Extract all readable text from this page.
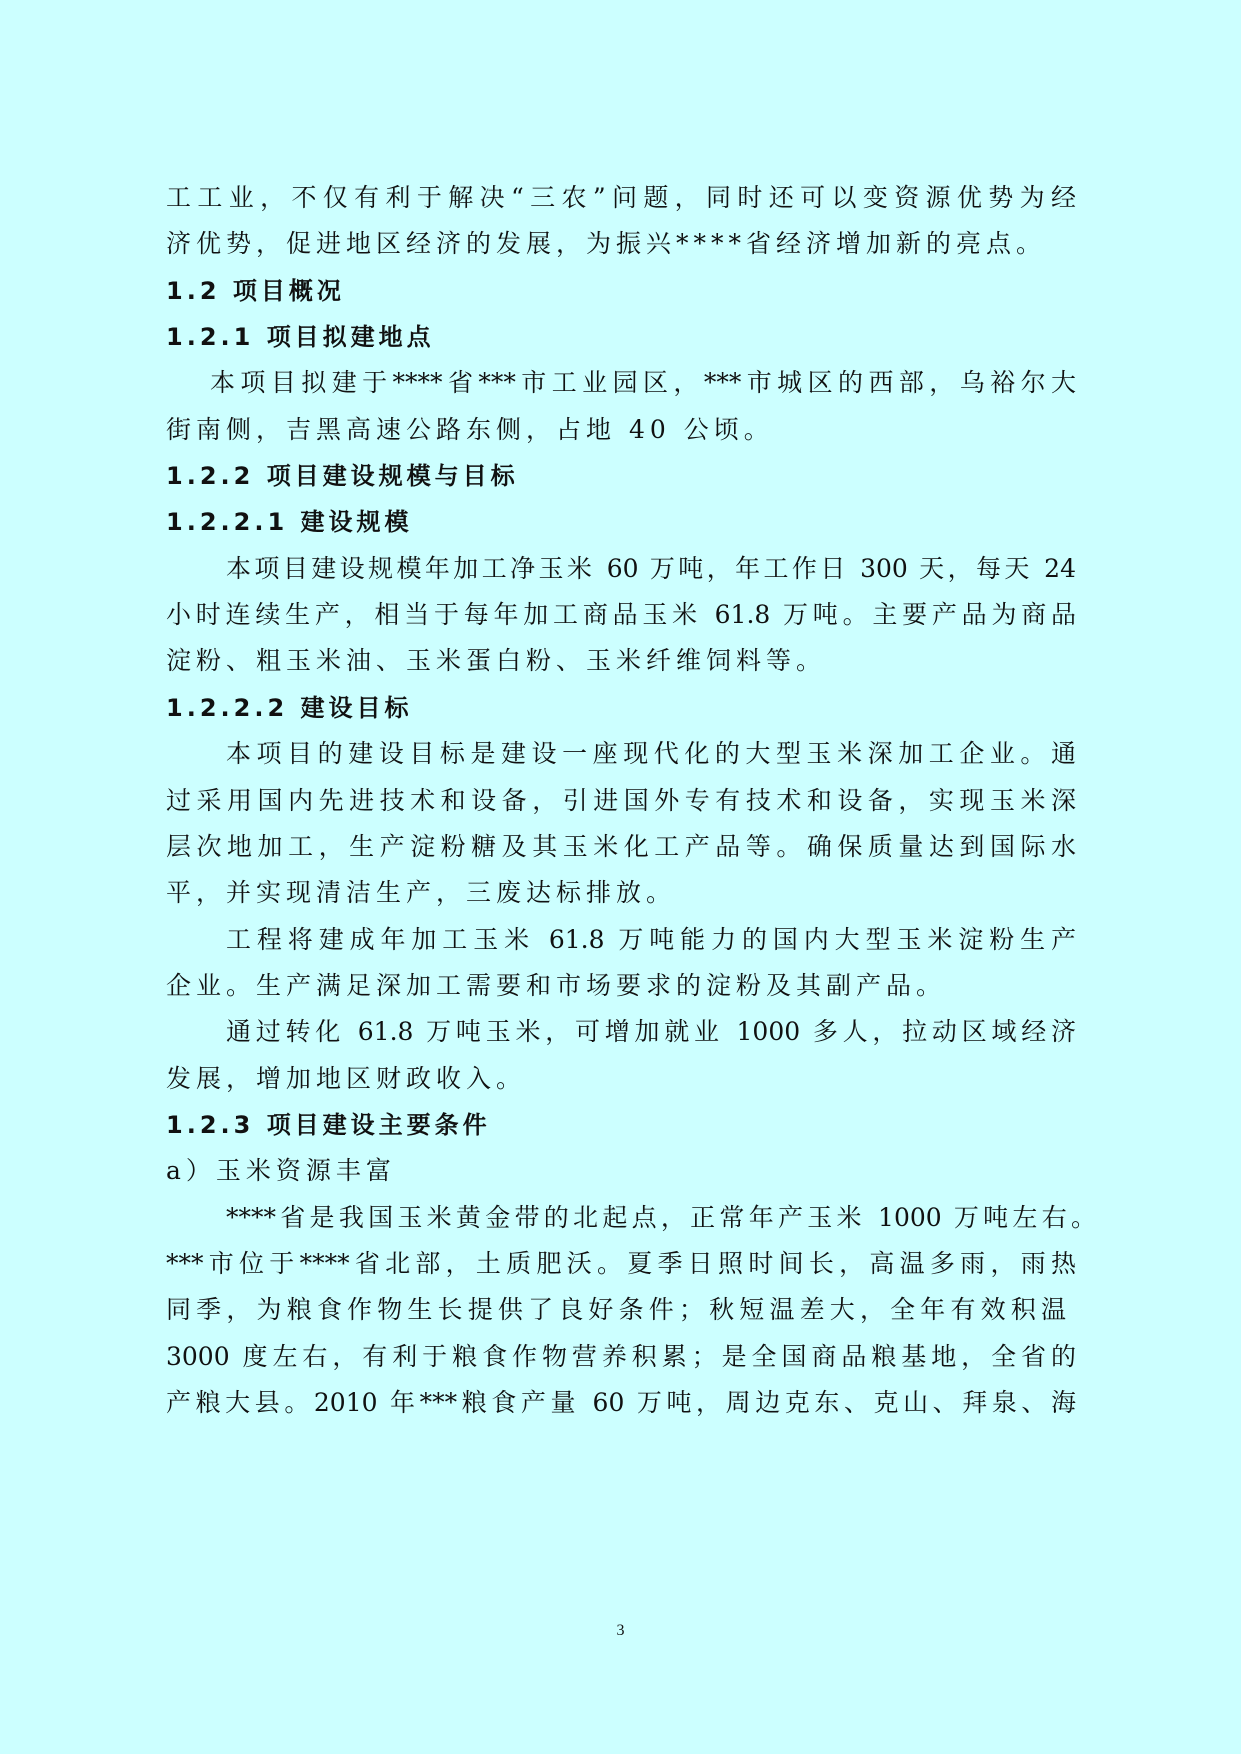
工工业，不仅有利于解决“三农”问题，同时还可以变资源优势为经
济优势，促进地区经济的发展，为振兴****省经济增加新的亮点。
1.2 项目概况
1.2.1 项目拟建地点
本项目拟建于****省***市工业园区，***市城区的西部，乌裕尔大
街南侧，吉黑高速公路东侧，占地 40 公顷。
1.2.2 项目建设规模与目标
1.2.2.1 建设规模
本项目建设规模年加工净玉米 60 万吨，年工作日 300 天，每天 24
小时连续生产，相当于每年加工商品玉米 61.8 万吨。主要产品为商品
淀粉、粗玉米油、玉米蛋白粉、玉米纤维饲料等。
1.2.2.2 建设目标
本项目的建设目标是建设一座现代化的大型玉米深加工企业。通
过采用国内先进技术和设备，引进国外专有技术和设备，实现玉米深
层次地加工，生产淀粉糖及其玉米化工产品等。确保质量达到国际水
平，并实现清洁生产，三废达标排放。
工程将建成年加工玉米 61.8 万吨能力的国内大型玉米淀粉生产
企业。生产满足深加工需要和市场要求的淀粉及其副产品。
通过转化 61.8 万吨玉米，可增加就业 1000 多人，拉动区域经济
发展，增加地区财政收入。
1.2.3 项目建设主要条件
a）玉米资源丰富
****省是我国玉米黄金带的北起点，正常年产玉米 1000 万吨左右。
***市位于****省北部，土质肥沃。夏季日照时间长，高温多雨，雨热
同季，为粮食作物生长提供了良好条件；秋短温差大，全年有效积温
3000 度左右，有利于粮食作物营养积累；是全国商品粮基地，全省的
产粮大县。2010 年***粮食产量 60 万吨，周边克东、克山、拜泉、海
3
